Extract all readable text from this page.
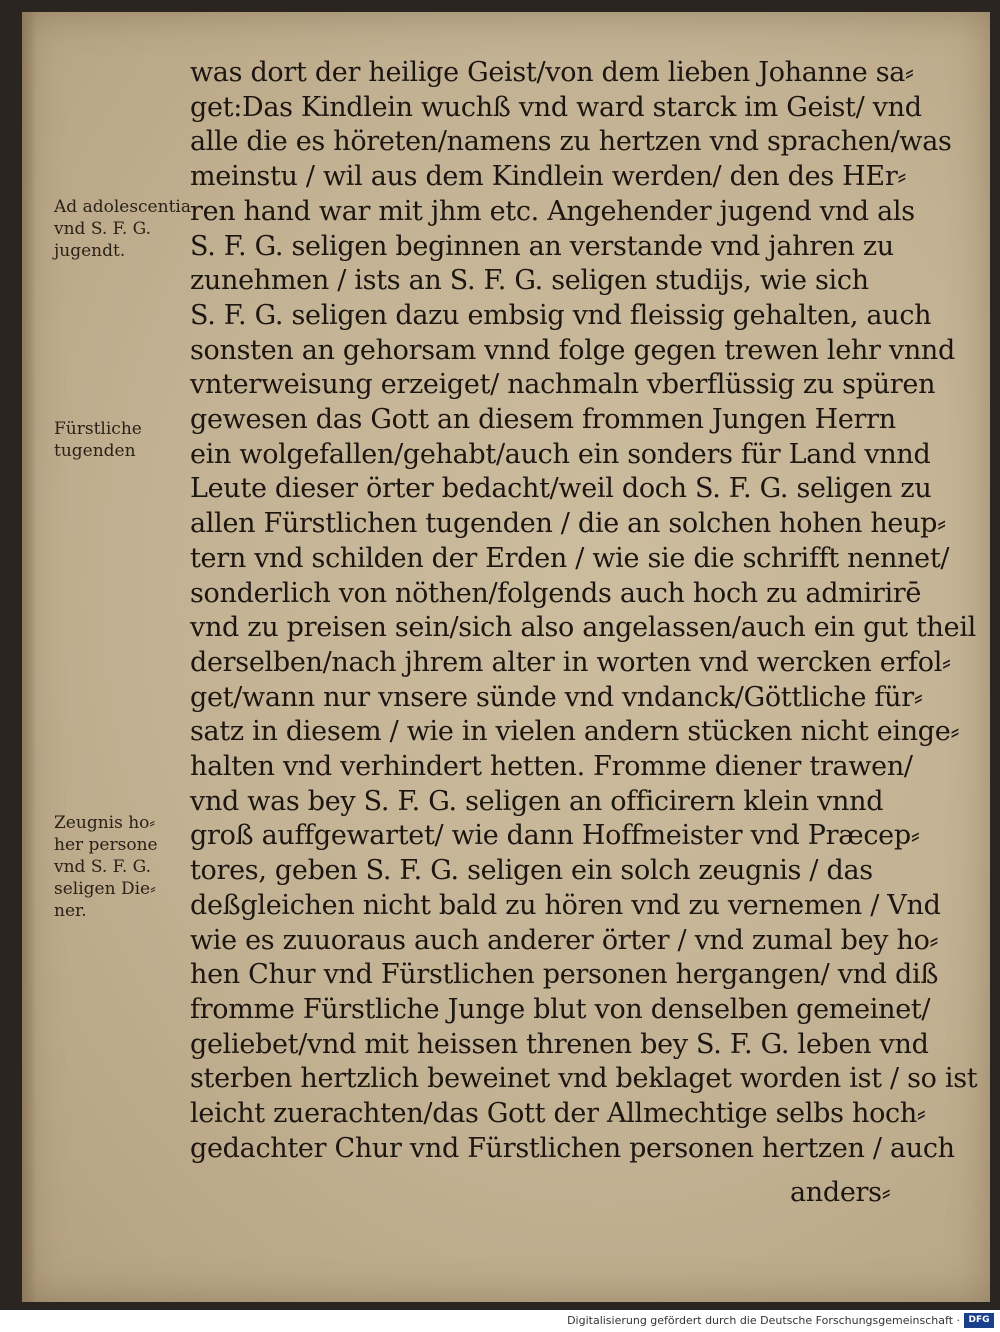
was dort der heilige Geist/von dem lieben Johanne sa⸗
get:Das Kindlein wuchß vnd ward starck im Geist/ vnd
alle die es höreten/namens zu hertzen vnd sprachen/was
meinstu / wil aus dem Kindlein werden/ den des HEr⸗
ren hand war mit jhm etc. Angehender jugend vnd als
S. F. G. seligen beginnen an verstande vnd jahren zu
zunehmen / ists an S. F. G. seligen studijs, wie sich
S. F. G. seligen dazu embsig vnd fleissig gehalten, auch
sonsten an gehorsam vnnd folge gegen trewen lehr vnnd
vnterweisung erzeiget/ nachmaln vberflüssig zu spüren
gewesen das Gott an diesem frommen Jungen Herrn
ein wolgefallen/gehabt/auch ein sonders für Land vnnd
Leute dieser örter bedacht/weil doch S. F. G. seligen zu
allen Fürstlichen tugenden / die an solchen hohen heup⸗
tern vnd schilden der Erden / wie sie die schrifft nennet/
sonderlich von nöthen/folgends auch hoch zu admirirē
vnd zu preisen sein/sich also angelassen/auch ein gut theil
derselben/nach jhrem alter in worten vnd wercken erfol⸗
get/wann nur vnsere sünde vnd vndanck/Göttliche für⸗
satz in diesem / wie in vielen andern stücken nicht einge⸗
halten vnd verhindert hetten. Fromme diener trawen/
vnd was bey S. F. G. seligen an officirern klein vnnd
groß auffgewartet/ wie dann Hoffmeister vnd Præcep⸗
tores, geben S. F. G. seligen ein solch zeugnis / das
deßgleichen nicht bald zu hören vnd zu vernemen / Vnd
wie es zuuoraus auch anderer örter / vnd zumal bey ho⸗
hen Chur vnd Fürstlichen personen hergangen/ vnd diß
fromme Fürstliche Junge blut von denselben gemeinet/
geliebet/vnd mit heissen threnen bey S. F. G. leben vnd
sterben hertzlich beweinet vnd beklaget worden ist / so ist
leicht zuerachten/das Gott der Allmechtige selbs hoch⸗
gedachter Chur vnd Fürstlichen personen hertzen / auch
Ad adolescentia
vnd S. F. G.
jugendt.
Fürstliche
tugenden
Zeugnis ho⸗
her persone
vnd S. F. G.
seligen Die⸗
ner.
anders⸗
Digitalisierung gefördert durch die Deutsche Forschungsgemeinschaft · DFG
